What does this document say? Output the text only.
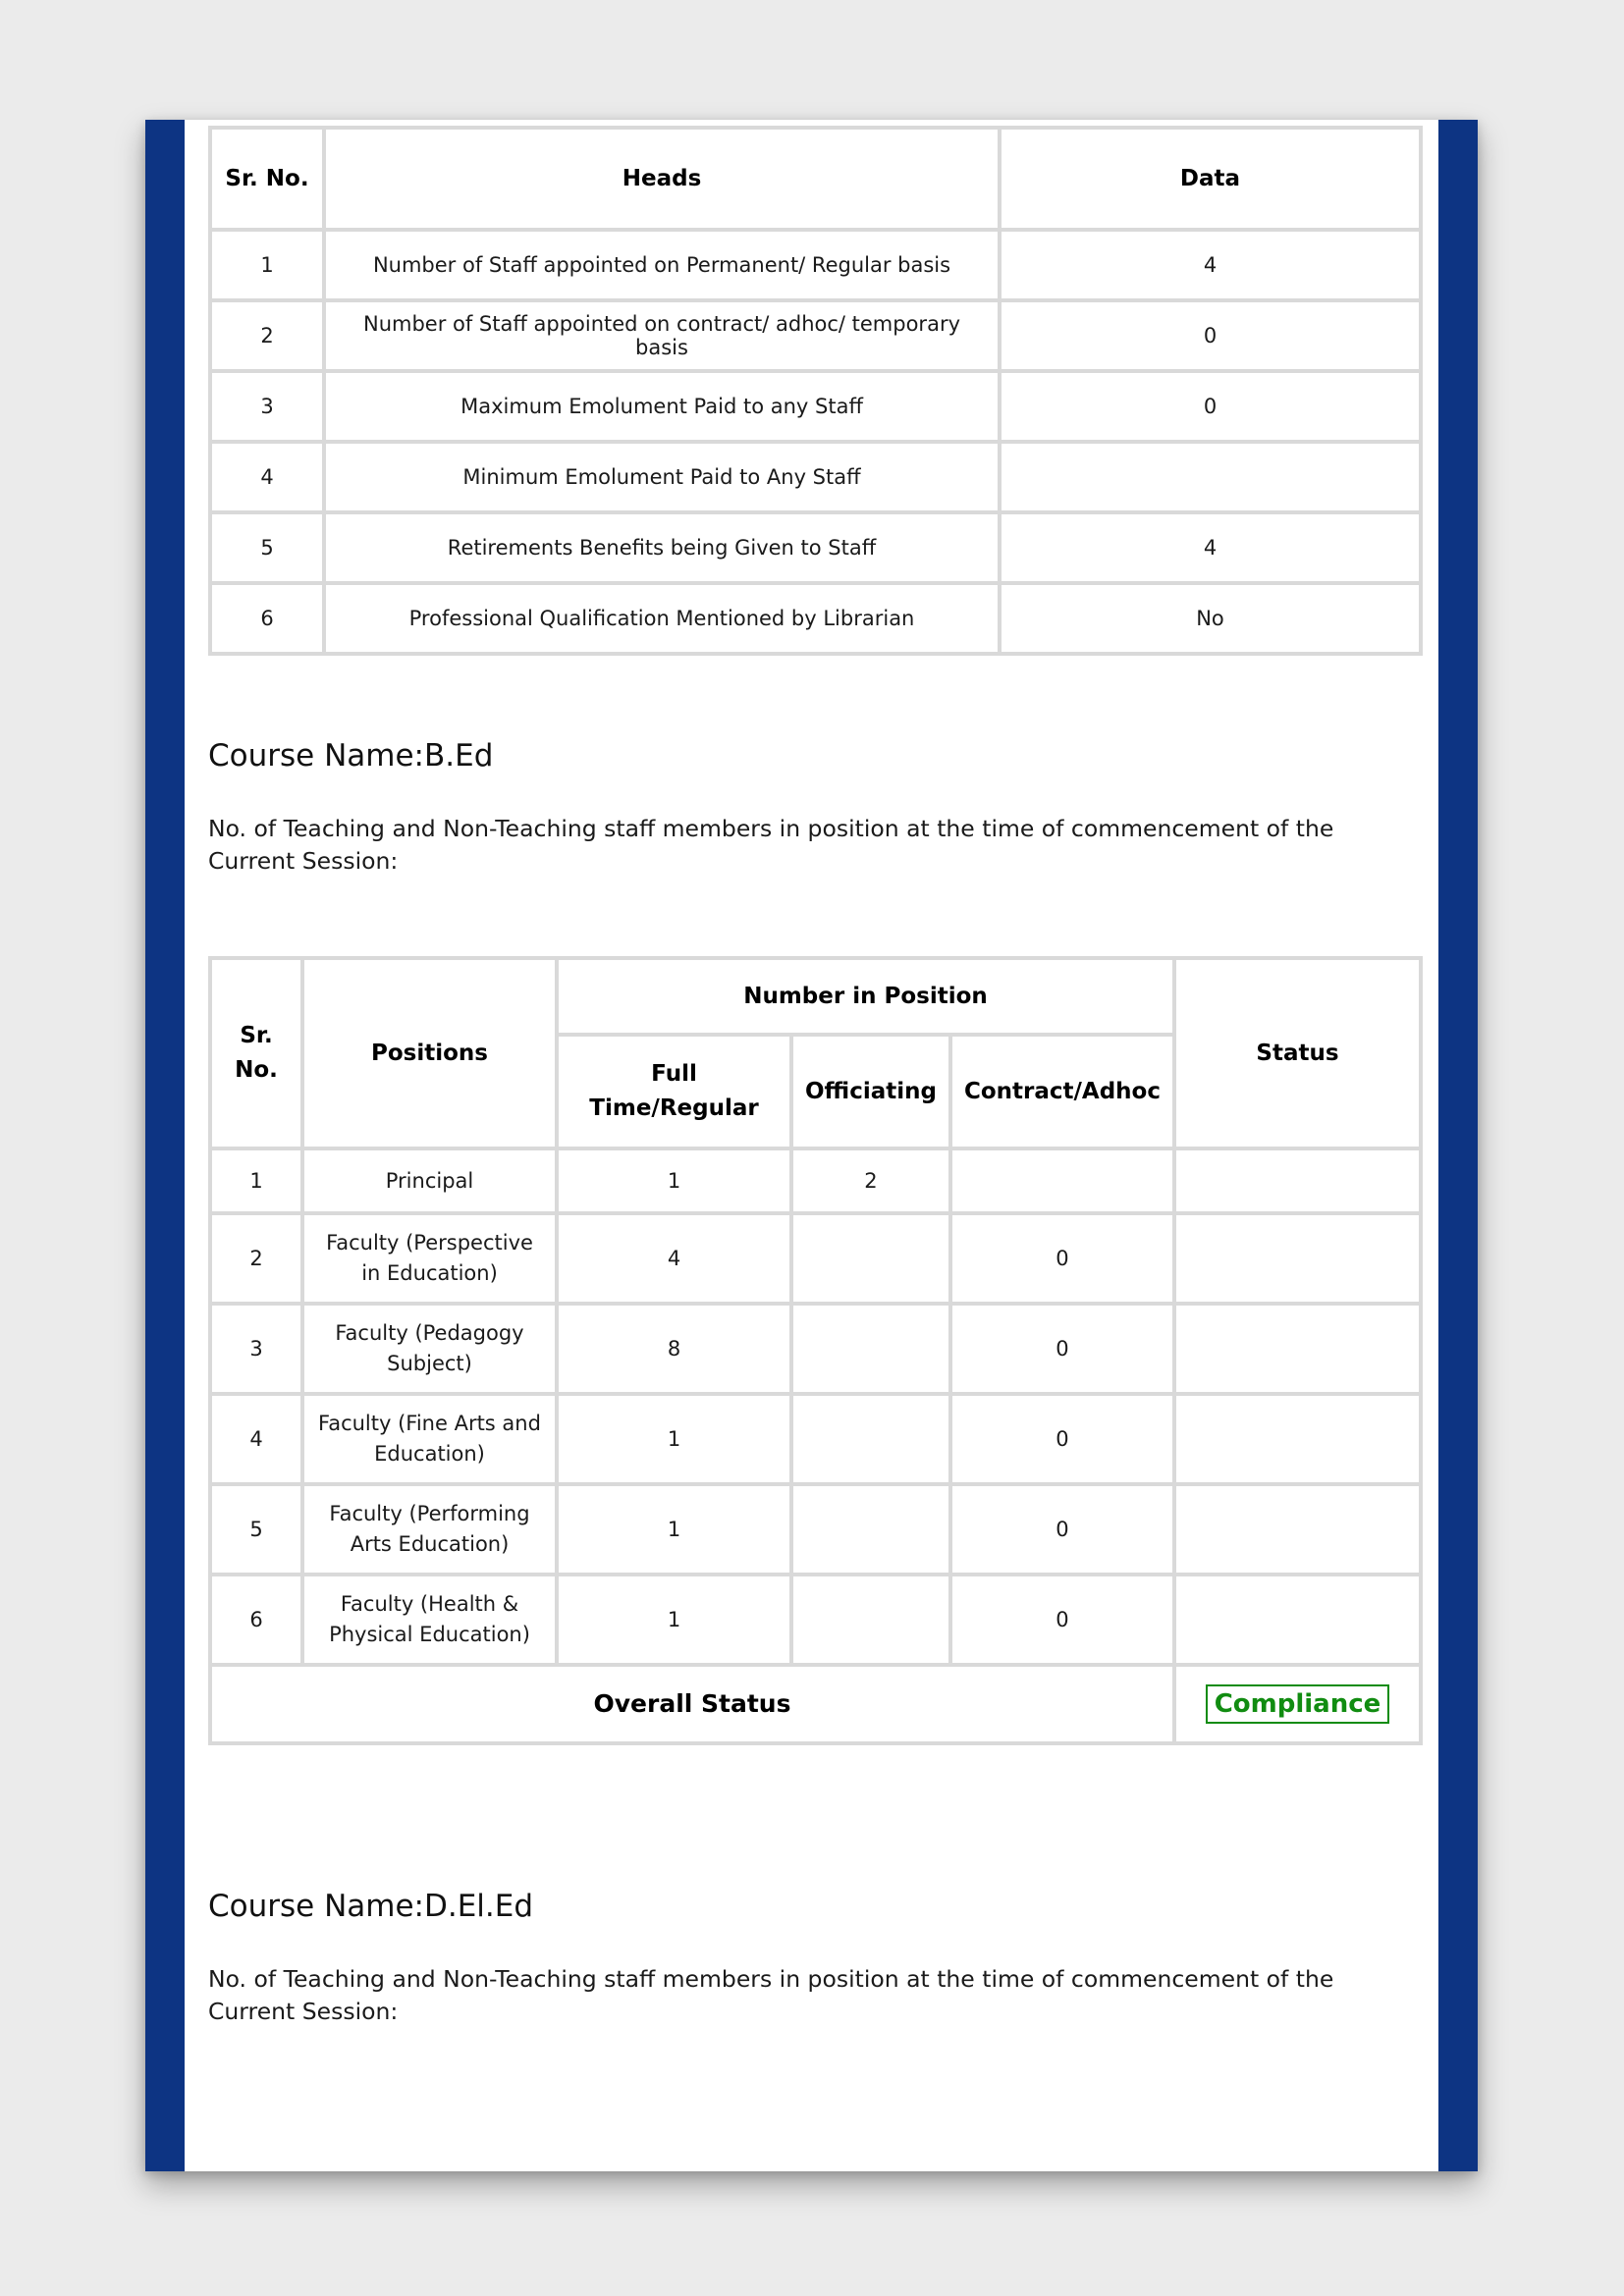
Sr. No.	Heads	Data
1	Number of Staff appointed on Permanent/ Regular basis	4
2	Number of Staff appointed on contract/ adhoc/ temporary basis	0
3	Maximum Emolument Paid to any Staff	0
4	Minimum Emolument Paid to Any Staff	
5	Retirements Benefits being Given to Staff	4
6	Professional Qualification Mentioned by Librarian	No

Course Name:B.Ed

No. of Teaching and Non-Teaching staff members in position at the time of commencement of the Current Session:

Sr. No.	Positions	Number in Position			Status
		Full Time/Regular	Officiating	Contract/Adhoc	
1	Principal	1	2		
2	Faculty (Perspective in Education)	4		0	
3	Faculty (Pedagogy Subject)	8		0	
4	Faculty (Fine Arts and Education)	1		0	
5	Faculty (Performing Arts Education)	1		0	
6	Faculty (Health & Physical Education)	1		0	
Overall Status					Compliance

Course Name:D.El.Ed

No. of Teaching and Non-Teaching staff members in position at the time of commencement of the Current Session:
